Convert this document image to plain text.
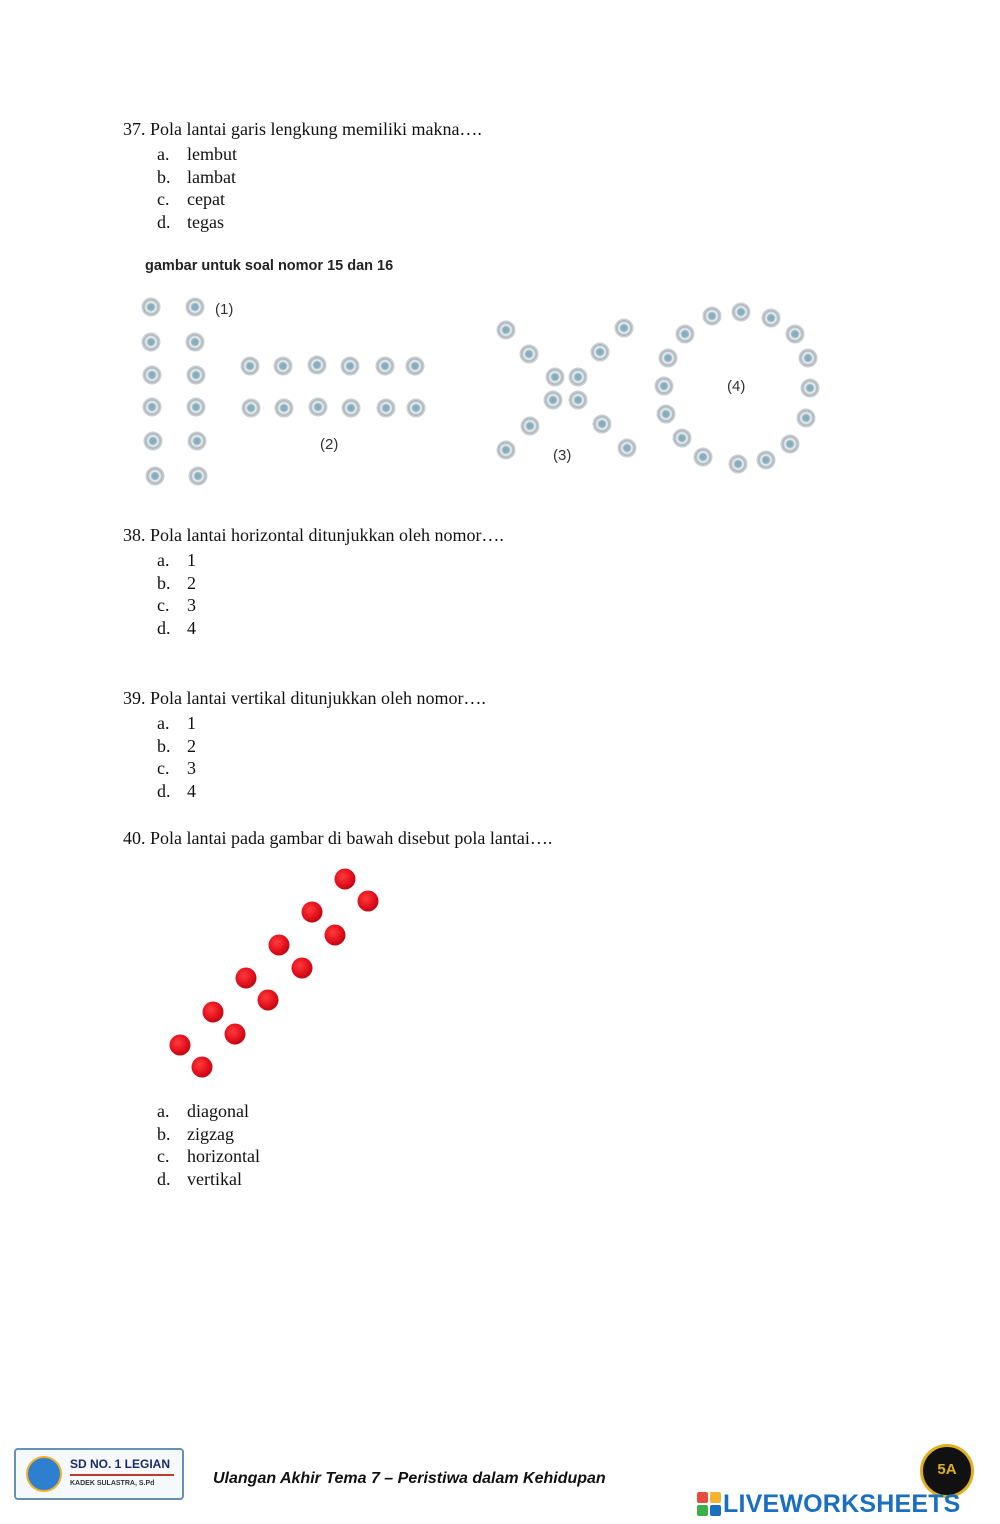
37. Pola lantai garis lengkung memiliki makna….
a. lembut
b. lambat
c. cepat
d. tegas
gambar untuk soal nomor 15 dan 16
(1)
(2)
(3)
(4)
38. Pola lantai horizontal ditunjukkan oleh nomor….
a. 1
b. 2
c. 3
d. 4
39. Pola lantai vertikal ditunjukkan oleh nomor….
a. 1
b. 2
c. 3
d. 4
40. Pola lantai pada gambar di bawah disebut pola lantai….
a. diagonal
b. zigzag
c. horizontal
d. vertikal
SD NO. 1 LEGIAN
KADEK SULASTRA, S.Pd	Ulangan Akhir Tema 7 – Peristiwa dalam Kehidupan
5A
LIVEWORKSHEETS
